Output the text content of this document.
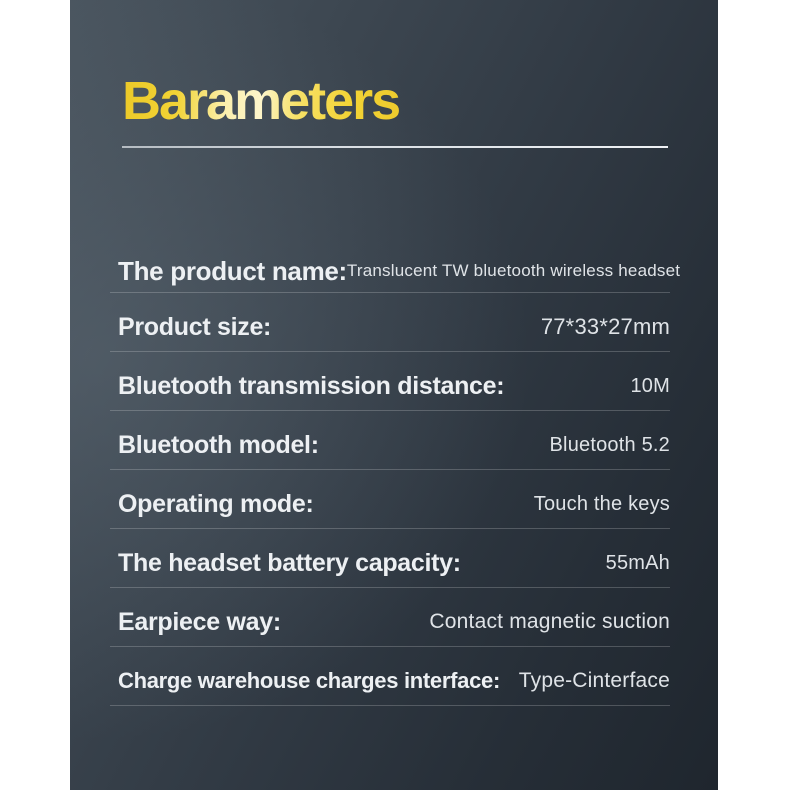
Barameters
The product name: Translucent TW bluetooth wireless headset
Product size:	77*33*27mm
Bluetooth transmission distance:	10M
Bluetooth model:	Bluetooth 5.2
Operating mode:	Touch the keys
The headset battery capacity:	55mAh
Earpiece way:	Contact magnetic suction
Charge warehouse charges interface: Type-Cinterface
